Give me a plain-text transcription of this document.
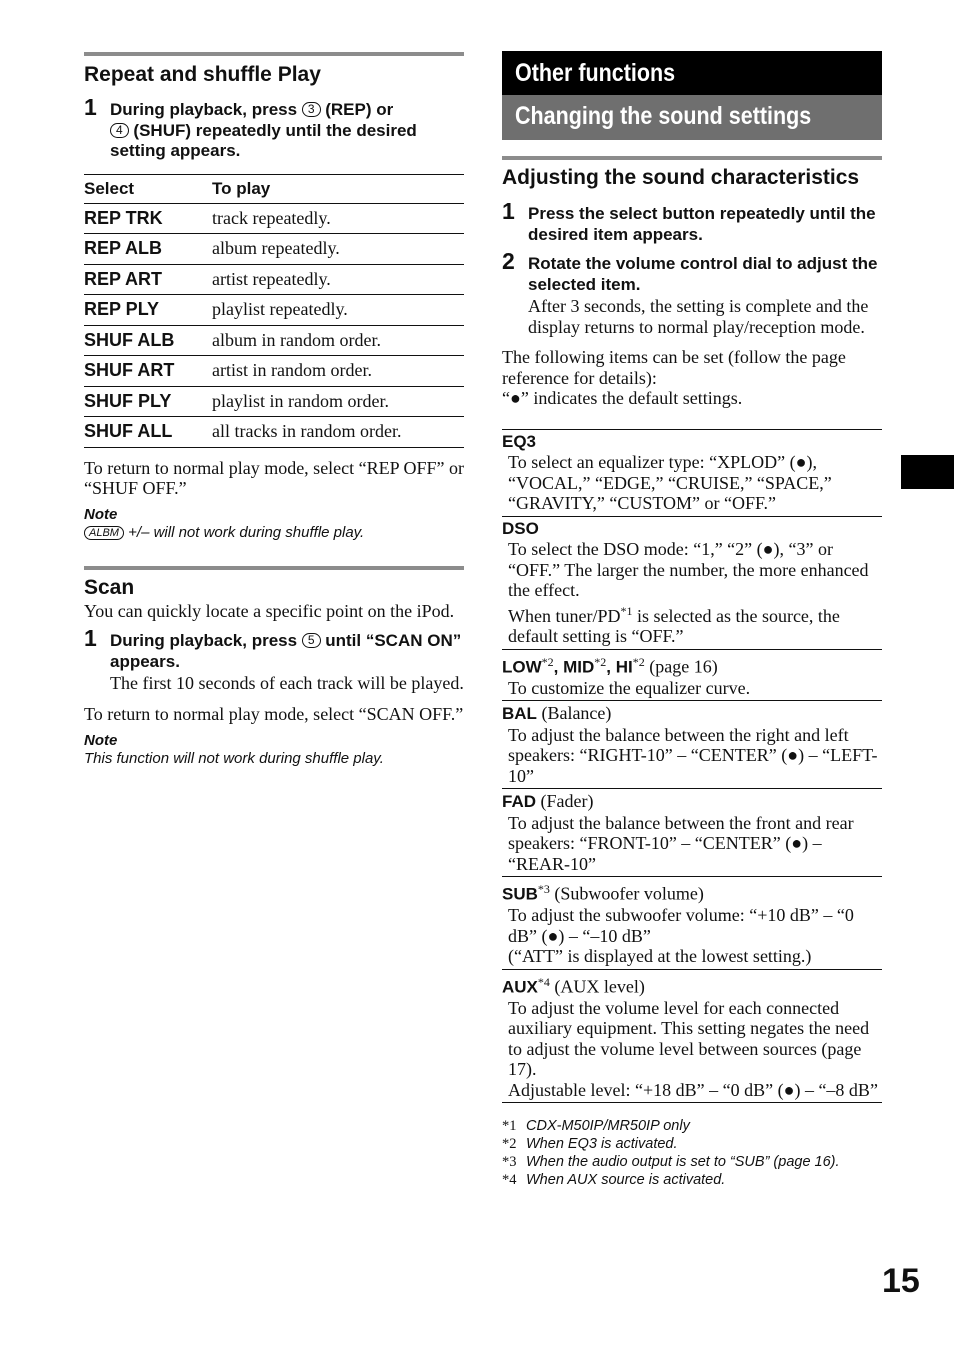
Repeat and shuffle Play
1 During playback, press 3 (REP) or
4 (SHUF) repeatedly until the desired setting appears.
Select	To play
REP TRK	track repeatedly.
REP ALB	album repeatedly.
REP ART	artist repeatedly.
REP PLY	playlist repeatedly.
SHUF ALB	album in random order.
SHUF ART	artist in random order.
SHUF PLY	playlist in random order.
SHUF ALL	all tracks in random order.
To return to normal play mode, select “REP OFF” or “SHUF OFF.”
Note
ALBM +/– will not work during shuffle play.
Scan
You can quickly locate a specific point on the iPod.
1 During playback, press 5 until “SCAN ON” appears.
The first 10 seconds of each track will be played.
To return to normal play mode, select “SCAN OFF.”
Note
This function will not work during shuffle play.
Other functions
Changing the sound settings
Adjusting the sound characteristics
1 Press the select button repeatedly until the desired item appears.
2 Rotate the volume control dial to adjust the selected item.
After 3 seconds, the setting is complete and the display returns to normal play/reception mode.
The following items can be set (follow the page reference for details):
“●” indicates the default settings.
EQ3
To select an equalizer type: “XPLOD” (●), “VOCAL,” “EDGE,” “CRUISE,” “SPACE,” “GRAVITY,” “CUSTOM” or “OFF.”
DSO
To select the DSO mode: “1,” “2” (●), “3” or “OFF.” The larger the number, the more enhanced the effect.
When tuner/PD$^{*1}$ is selected as the source, the default setting is “OFF.”
LOW$^{*2}$, MID$^{*2}$, HI$^{*2}$ (page 16)
To customize the equalizer curve.
BAL (Balance)
To adjust the balance between the right and left speakers: “RIGHT-10” – “CENTER” (●) – “LEFT-10”
FAD (Fader)
To adjust the balance between the front and rear speakers: “FRONT-10” – “CENTER” (●) – “REAR-10”
SUB$^{*3}$ (Subwoofer volume)
To adjust the subwoofer volume: “+10 dB” – “0 dB” (●) – “–10 dB”
(“ATT” is displayed at the lowest setting.)
AUX$^{*4}$ (AUX level)
To adjust the volume level for each connected auxiliary equipment. This setting negates the need to adjust the volume level between sources (page 17).
Adjustable level: “+18 dB” – “0 dB” (●) – “–8 dB”
*1 CDX-M50IP/MR50IP only
*2 When EQ3 is activated.
*3 When the audio output is set to “SUB” (page 16).
*4 When AUX source is activated.
15
